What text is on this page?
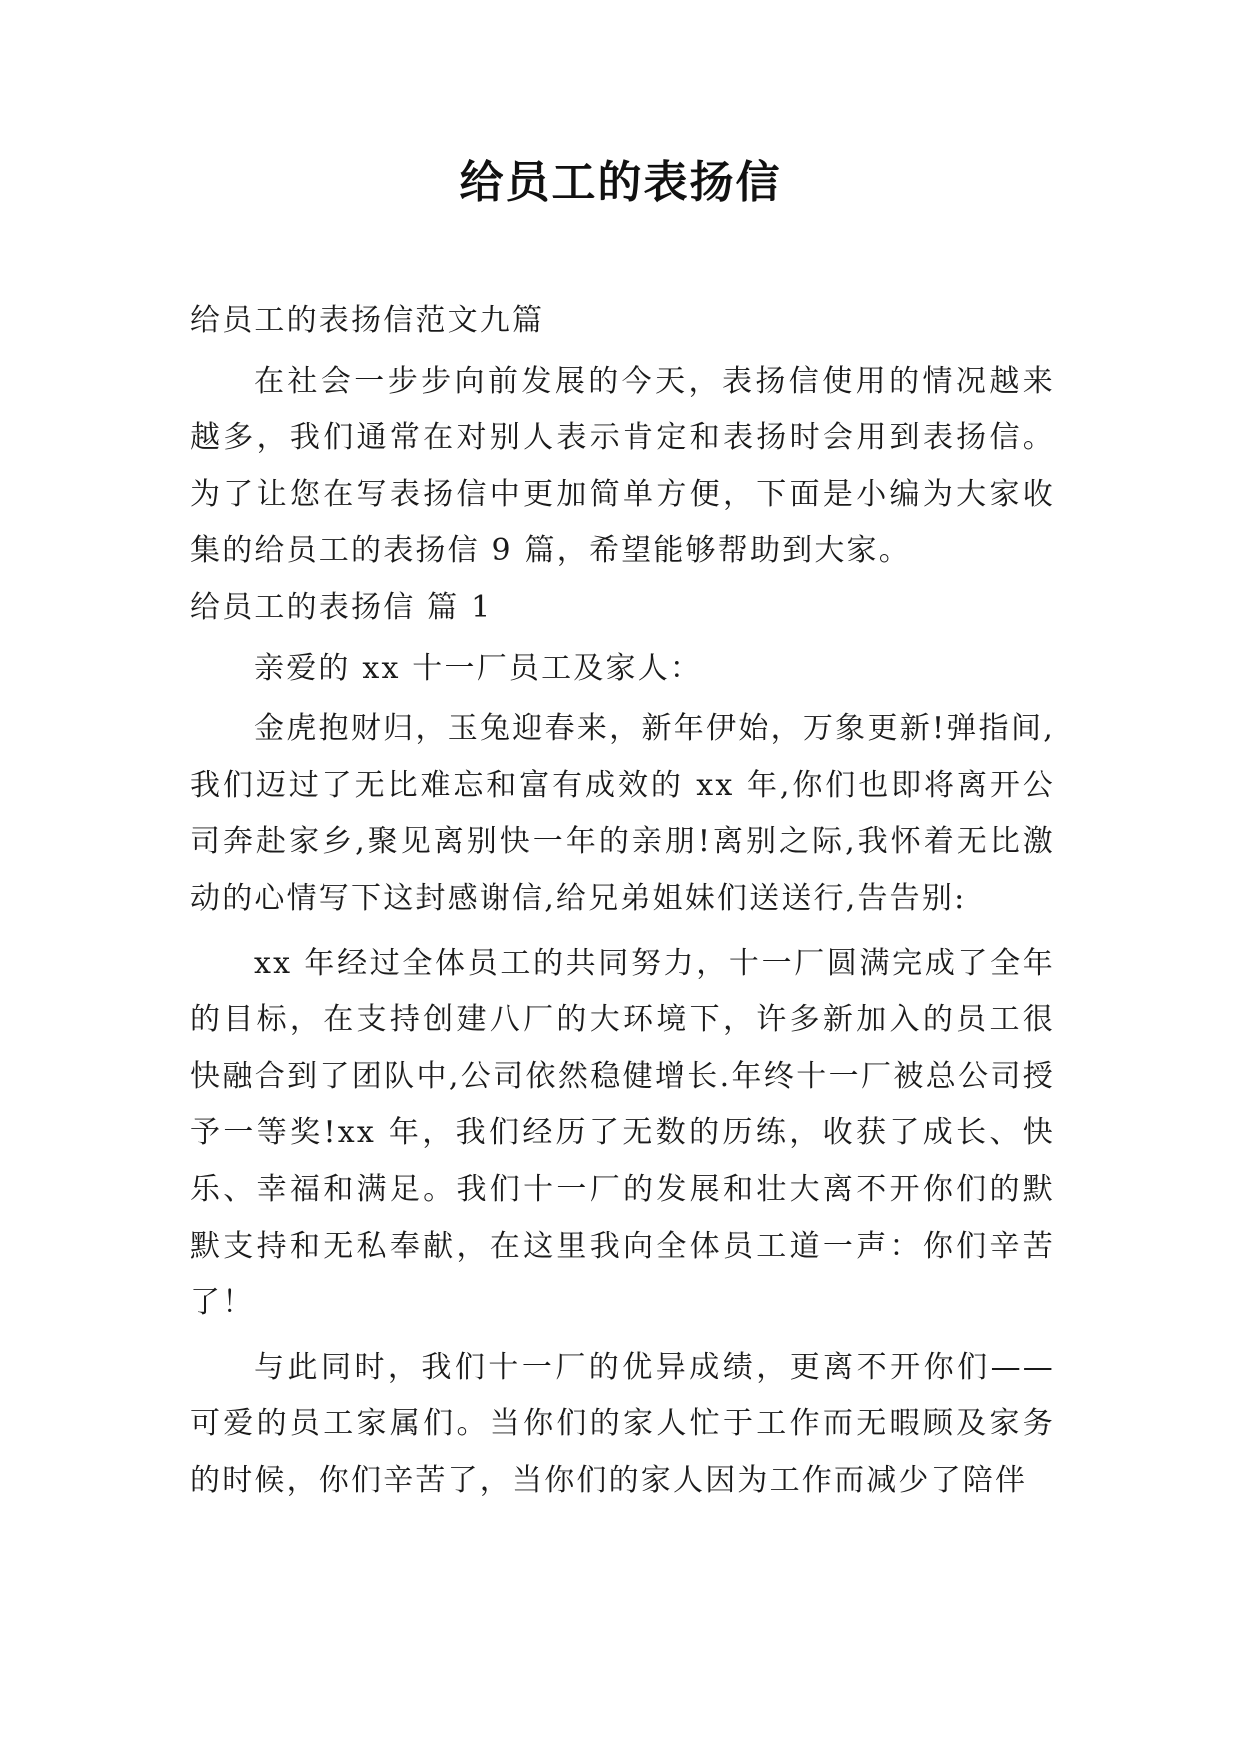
给员工的表扬信

给员工的表扬信范文九篇

在社会一步步向前发展的今天，表扬信使用的情况越来越多，我们通常在对别人表示肯定和表扬时会用到表扬信。为了让您在写表扬信中更加简单方便，下面是小编为大家收集的给员工的表扬信 9 篇，希望能够帮助到大家。

给员工的表扬信 篇 1

亲爱的 xx 十一厂员工及家人：

金虎抱财归，玉兔迎春来，新年伊始，万象更新!弹指间,我们迈过了无比难忘和富有成效的 xx 年,你们也即将离开公司奔赴家乡,聚见离别快一年的亲朋!离别之际,我怀着无比激动的心情写下这封感谢信,给兄弟姐妹们送送行,告告别:

xx 年经过全体员工的共同努力，十一厂圆满完成了全年的目标，在支持创建八厂的大环境下，许多新加入的员工很快融合到了团队中,公司依然稳健增长.年终十一厂被总公司授予一等奖!xx 年，我们经历了无数的历练，收获了成长、快乐、幸福和满足。我们十一厂的发展和壮大离不开你们的默默支持和无私奉献，在这里我向全体员工道一声：你们辛苦了！

与此同时，我们十一厂的优异成绩，更离不开你们——可爱的员工家属们。当你们的家人忙于工作而无暇顾及家务的时候，你们辛苦了，当你们的家人因为工作而减少了陪伴
